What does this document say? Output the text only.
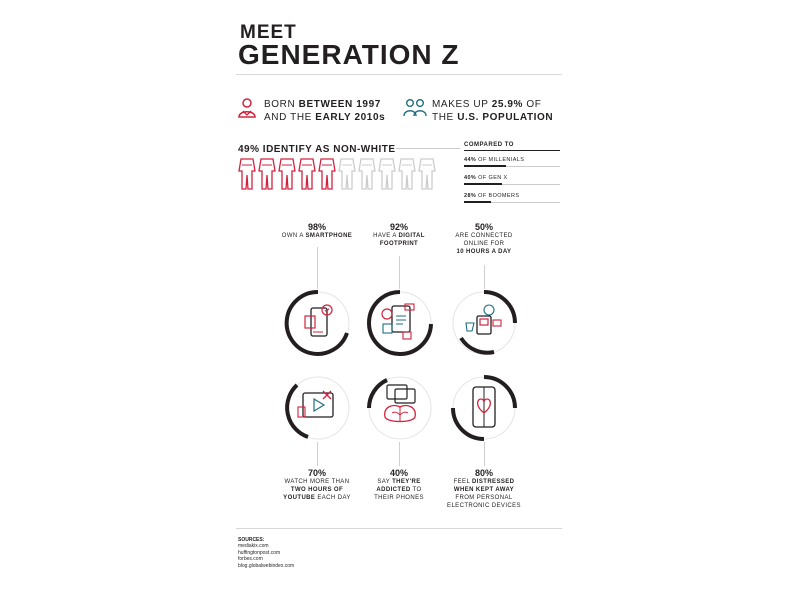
MEET
GENERATION Z
BORN BETWEEN 1997
AND THE EARLY 2010s
MAKES UP 25.9% OF
THE U.S. POPULATION
49% IDENTIFY AS NON-WHITE	COMPARED TO
44% OF MILLENIALS
40% OF GEN X
28% OF BOOMERS
98%
OWN A SMARTPHONE
92%
HAVE A DIGITAL
FOOTPRINT
50%
ARE CONNECTED
ONLINE FOR
10 HOURS A DAY
70%
WATCH MORE THAN
TWO HOURS OF
YOUTUBE EACH DAY
40%
SAY THEY'RE
ADDICTED TO
THEIR PHONES
80%
FEEL DISTRESSED
WHEN KEPT AWAY
FROM PERSONAL
ELECTRONIC DEVICES
SOURCES:
mediakix.com
huffingtonpost.com
forbes.com
blog.globalwebindex.com
